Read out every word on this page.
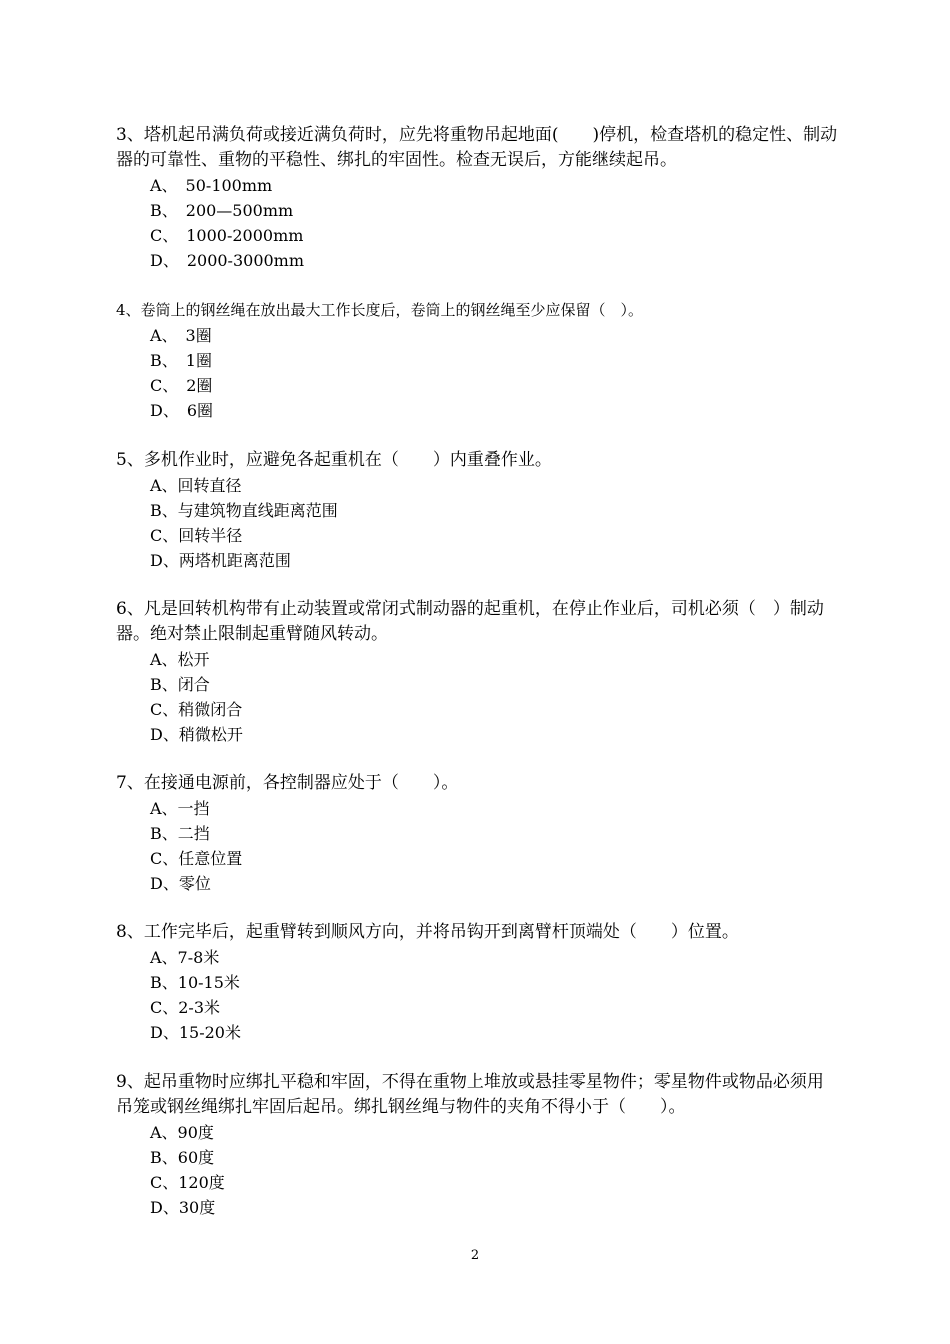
3、塔机起吊满负荷或接近满负荷时，应先将重物吊起地面(　　)停机，检查塔机的稳定性、制动器的可靠性、重物的平稳性、绑扎的牢固性。检查无误后，方能继续起吊。

A、　50-100mm
B、　200—500mm
C、　1000-2000mm
D、　2000-3000mm

4、卷筒上的钢丝绳在放出最大工作长度后，卷筒上的钢丝绳至少应保留（　）。

A、　3圈
B、　1圈
C、　2圈
D、　6圈

5、多机作业时，应避免各起重机在（　　）内重叠作业。

A、回转直径
B、与建筑物直线距离范围
C、回转半径
D、两塔机距离范围

6、凡是回转机构带有止动装置或常闭式制动器的起重机，在停止作业后，司机必须（　）制动器。绝对禁止限制起重臂随风转动。

A、松开
B、闭合
C、稍微闭合
D、稍微松开

7、在接通电源前，各控制器应处于（　　）。

A、一挡
B、二挡
C、任意位置
D、零位

8、工作完毕后，起重臂转到顺风方向，并将吊钩开到离臂杆顶端处（　　）位置。

A、7-8米
B、10-15米
C、2-3米
D、15-20米

9、起吊重物时应绑扎平稳和牢固，不得在重物上堆放或悬挂零星物件；零星物件或物品必须用吊笼或钢丝绳绑扎牢固后起吊。绑扎钢丝绳与物件的夹角不得小于（　　）。

A、90度
B、60度
C、120度
D、30度
2
